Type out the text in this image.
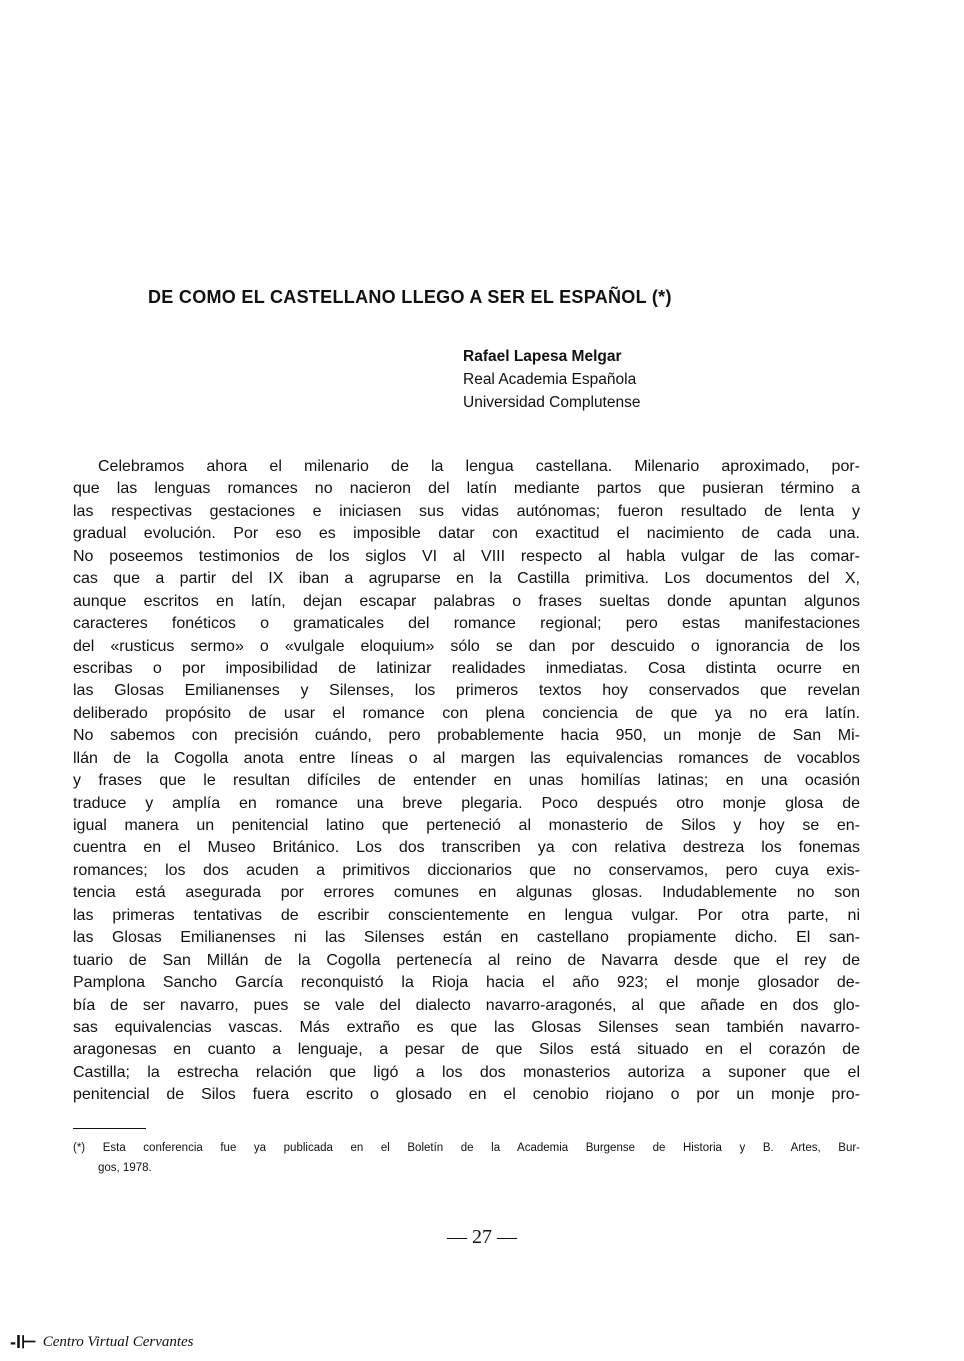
DE COMO EL CASTELLANO LLEGO A SER EL ESPAÑOL (*)
Rafael Lapesa Melgar
Real Academia Española
Universidad Complutense
Celebramos ahora el milenario de la lengua castellana. Milenario aproximado, por-
que las lenguas romances no nacieron del latín mediante partos que pusieran término a
las respectivas gestaciones e iniciasen sus vidas autónomas; fueron resultado de lenta y
gradual evolución. Por eso es imposible datar con exactitud el nacimiento de cada una.
No poseemos testimonios de los siglos VI al VIII respecto al habla vulgar de las comar-
cas que a partir del IX iban a agruparse en la Castilla primitiva. Los documentos del X,
aunque escritos en latín, dejan escapar palabras o frases sueltas donde apuntan algunos
caracteres fonéticos o gramaticales del romance regional; pero estas manifestaciones
del «rusticus sermo» o «vulgale eloquium» sólo se dan por descuido o ignorancia de los
escribas o por imposibilidad de latinizar realidades inmediatas. Cosa distinta ocurre en
las Glosas Emilianenses y Silenses, los primeros textos hoy conservados que revelan
deliberado propósito de usar el romance con plena conciencia de que ya no era latín.
No sabemos con precisión cuándo, pero probablemente hacia 950, un monje de San Mi-
llán de la Cogolla anota entre líneas o al margen las equivalencias romances de vocablos
y frases que le resultan difíciles de entender en unas homilías latinas; en una ocasión
traduce y amplía en romance una breve plegaria. Poco después otro monje glosa de
igual manera un penitencial latino que perteneció al monasterio de Silos y hoy se en-
cuentra en el Museo Británico. Los dos transcriben ya con relativa destreza los fonemas
romances; los dos acuden a primitivos diccionarios que no conservamos, pero cuya exis-
tencia está asegurada por errores comunes en algunas glosas. Indudablemente no son
las primeras tentativas de escribir conscientemente en lengua vulgar. Por otra parte, ni
las Glosas Emilianenses ni las Silenses están en castellano propiamente dicho. El san-
tuario de San Millán de la Cogolla pertenecía al reino de Navarra desde que el rey de
Pamplona Sancho García reconquistó la Rioja hacia el año 923; el monje glosador de-
bía de ser navarro, pues se vale del dialecto navarro-aragonés, al que añade en dos glo-
sas equivalencias vascas. Más extraño es que las Glosas Silenses sean también navarro-
aragonesas en cuanto a lenguaje, a pesar de que Silos está situado en el corazón de
Castilla; la estrecha relación que ligó a los dos monasterios autoriza a suponer que el
penitencial de Silos fuera escrito o glosado en el cenobio riojano o por un monje pro-
(*) Esta conferencia fue ya publicada en el Boletín de la Academia Burgense de Historia y B. Artes, Bur-
gos, 1978.
— 27 —
-I⊢ Centro Virtual Cervantes
